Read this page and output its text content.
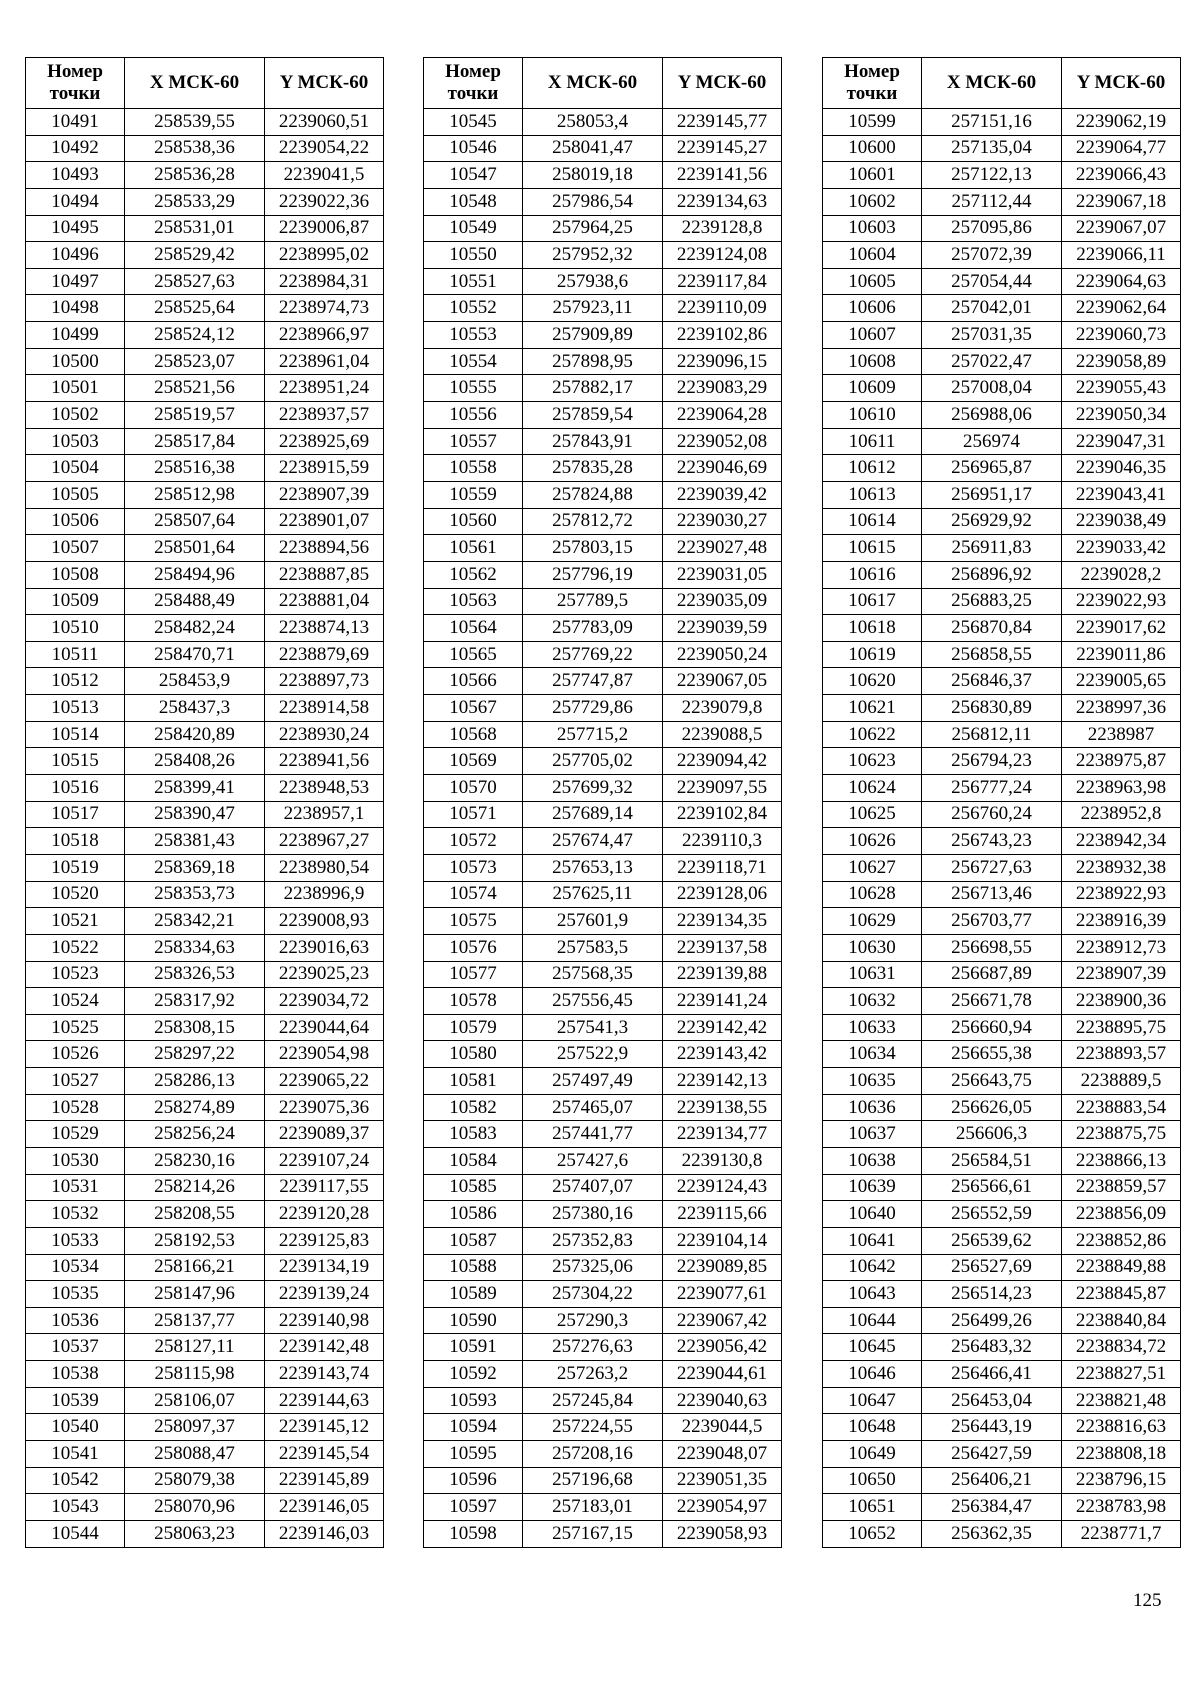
Номер
точки	X МСК-60	Y МСК-60
10491	258539,55	2239060,51
10492	258538,36	2239054,22
10493	258536,28	2239041,5
10494	258533,29	2239022,36
10495	258531,01	2239006,87
10496	258529,42	2238995,02
10497	258527,63	2238984,31
10498	258525,64	2238974,73
10499	258524,12	2238966,97
10500	258523,07	2238961,04
10501	258521,56	2238951,24
10502	258519,57	2238937,57
10503	258517,84	2238925,69
10504	258516,38	2238915,59
10505	258512,98	2238907,39
10506	258507,64	2238901,07
10507	258501,64	2238894,56
10508	258494,96	2238887,85
10509	258488,49	2238881,04
10510	258482,24	2238874,13
10511	258470,71	2238879,69
10512	258453,9	2238897,73
10513	258437,3	2238914,58
10514	258420,89	2238930,24
10515	258408,26	2238941,56
10516	258399,41	2238948,53
10517	258390,47	2238957,1
10518	258381,43	2238967,27
10519	258369,18	2238980,54
10520	258353,73	2238996,9
10521	258342,21	2239008,93
10522	258334,63	2239016,63
10523	258326,53	2239025,23
10524	258317,92	2239034,72
10525	258308,15	2239044,64
10526	258297,22	2239054,98
10527	258286,13	2239065,22
10528	258274,89	2239075,36
10529	258256,24	2239089,37
10530	258230,16	2239107,24
10531	258214,26	2239117,55
10532	258208,55	2239120,28
10533	258192,53	2239125,83
10534	258166,21	2239134,19
10535	258147,96	2239139,24
10536	258137,77	2239140,98
10537	258127,11	2239142,48
10538	258115,98	2239143,74
10539	258106,07	2239144,63
10540	258097,37	2239145,12
10541	258088,47	2239145,54
10542	258079,38	2239145,89
10543	258070,96	2239146,05
10544	258063,23	2239146,03
Номер
точки	X МСК-60	Y МСК-60
10545	258053,4	2239145,77
10546	258041,47	2239145,27
10547	258019,18	2239141,56
10548	257986,54	2239134,63
10549	257964,25	2239128,8
10550	257952,32	2239124,08
10551	257938,6	2239117,84
10552	257923,11	2239110,09
10553	257909,89	2239102,86
10554	257898,95	2239096,15
10555	257882,17	2239083,29
10556	257859,54	2239064,28
10557	257843,91	2239052,08
10558	257835,28	2239046,69
10559	257824,88	2239039,42
10560	257812,72	2239030,27
10561	257803,15	2239027,48
10562	257796,19	2239031,05
10563	257789,5	2239035,09
10564	257783,09	2239039,59
10565	257769,22	2239050,24
10566	257747,87	2239067,05
10567	257729,86	2239079,8
10568	257715,2	2239088,5
10569	257705,02	2239094,42
10570	257699,32	2239097,55
10571	257689,14	2239102,84
10572	257674,47	2239110,3
10573	257653,13	2239118,71
10574	257625,11	2239128,06
10575	257601,9	2239134,35
10576	257583,5	2239137,58
10577	257568,35	2239139,88
10578	257556,45	2239141,24
10579	257541,3	2239142,42
10580	257522,9	2239143,42
10581	257497,49	2239142,13
10582	257465,07	2239138,55
10583	257441,77	2239134,77
10584	257427,6	2239130,8
10585	257407,07	2239124,43
10586	257380,16	2239115,66
10587	257352,83	2239104,14
10588	257325,06	2239089,85
10589	257304,22	2239077,61
10590	257290,3	2239067,42
10591	257276,63	2239056,42
10592	257263,2	2239044,61
10593	257245,84	2239040,63
10594	257224,55	2239044,5
10595	257208,16	2239048,07
10596	257196,68	2239051,35
10597	257183,01	2239054,97
10598	257167,15	2239058,93
Номер
точки	X МСК-60	Y МСК-60
10599	257151,16	2239062,19
10600	257135,04	2239064,77
10601	257122,13	2239066,43
10602	257112,44	2239067,18
10603	257095,86	2239067,07
10604	257072,39	2239066,11
10605	257054,44	2239064,63
10606	257042,01	2239062,64
10607	257031,35	2239060,73
10608	257022,47	2239058,89
10609	257008,04	2239055,43
10610	256988,06	2239050,34
10611	256974	2239047,31
10612	256965,87	2239046,35
10613	256951,17	2239043,41
10614	256929,92	2239038,49
10615	256911,83	2239033,42
10616	256896,92	2239028,2
10617	256883,25	2239022,93
10618	256870,84	2239017,62
10619	256858,55	2239011,86
10620	256846,37	2239005,65
10621	256830,89	2238997,36
10622	256812,11	2238987
10623	256794,23	2238975,87
10624	256777,24	2238963,98
10625	256760,24	2238952,8
10626	256743,23	2238942,34
10627	256727,63	2238932,38
10628	256713,46	2238922,93
10629	256703,77	2238916,39
10630	256698,55	2238912,73
10631	256687,89	2238907,39
10632	256671,78	2238900,36
10633	256660,94	2238895,75
10634	256655,38	2238893,57
10635	256643,75	2238889,5
10636	256626,05	2238883,54
10637	256606,3	2238875,75
10638	256584,51	2238866,13
10639	256566,61	2238859,57
10640	256552,59	2238856,09
10641	256539,62	2238852,86
10642	256527,69	2238849,88
10643	256514,23	2238845,87
10644	256499,26	2238840,84
10645	256483,32	2238834,72
10646	256466,41	2238827,51
10647	256453,04	2238821,48
10648	256443,19	2238816,63
10649	256427,59	2238808,18
10650	256406,21	2238796,15
10651	256384,47	2238783,98
10652	256362,35	2238771,7
125
